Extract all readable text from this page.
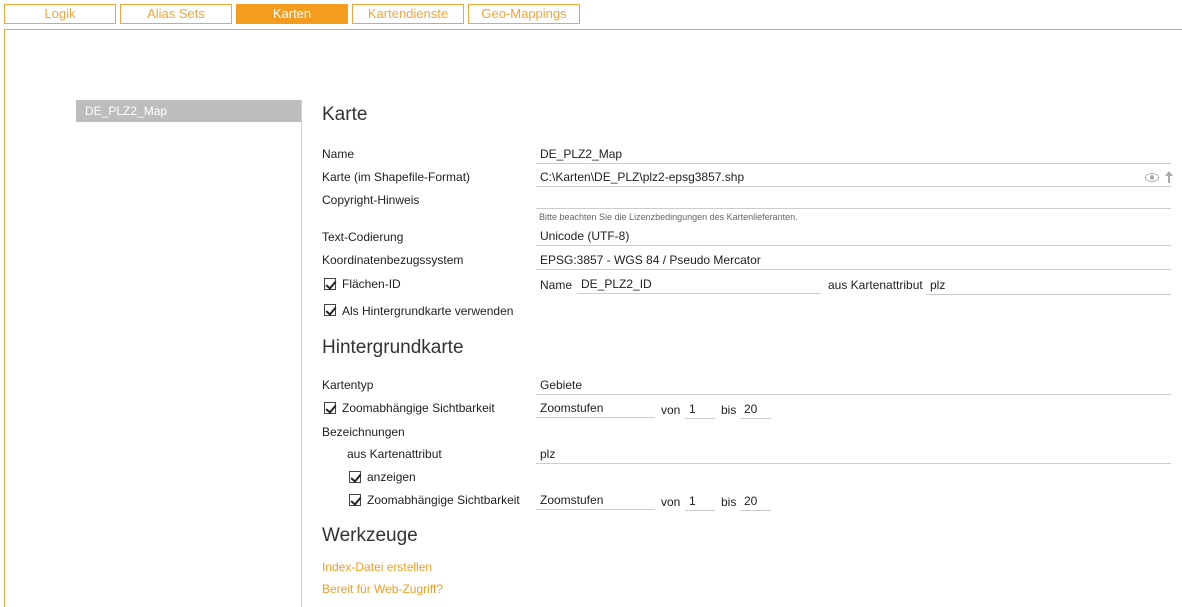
Logik	Alias Sets	Karten	Kartendienste	Geo-Mappings
DE_PLZ2_Map	Karte
Name	DE_PLZ2_Map
Karte (im Shapefile-Format)	C:\Karten\DE_PLZ\plz2-epsg3857.shp
Copyright-Hinweis
Bitte beachten Sie die Lizenzbedingungen des Kartenlieferanten.
Text-Codierung	Unicode (UTF-8)
Koordinatenbezugssystem	EPSG:3857 - WGS 84 / Pseudo Mercator
Flächen-ID	Name DE_PLZ2_ID	aus Kartenattribut plz
Als Hintergrundkarte verwenden
Hintergrundkarte
Kartentyp	Gebiete
Zoomabhängige Sichtbarkeit	Zoomstufen	von 1	bis 20
Bezeichnungen
aus Kartenattribut	plz
anzeigen
Zoomabhängige Sichtbarkeit	Zoomstufen	von 1	bis 20
Werkzeuge
Index-Datei erstellen
Bereit für Web-Zugriff?
